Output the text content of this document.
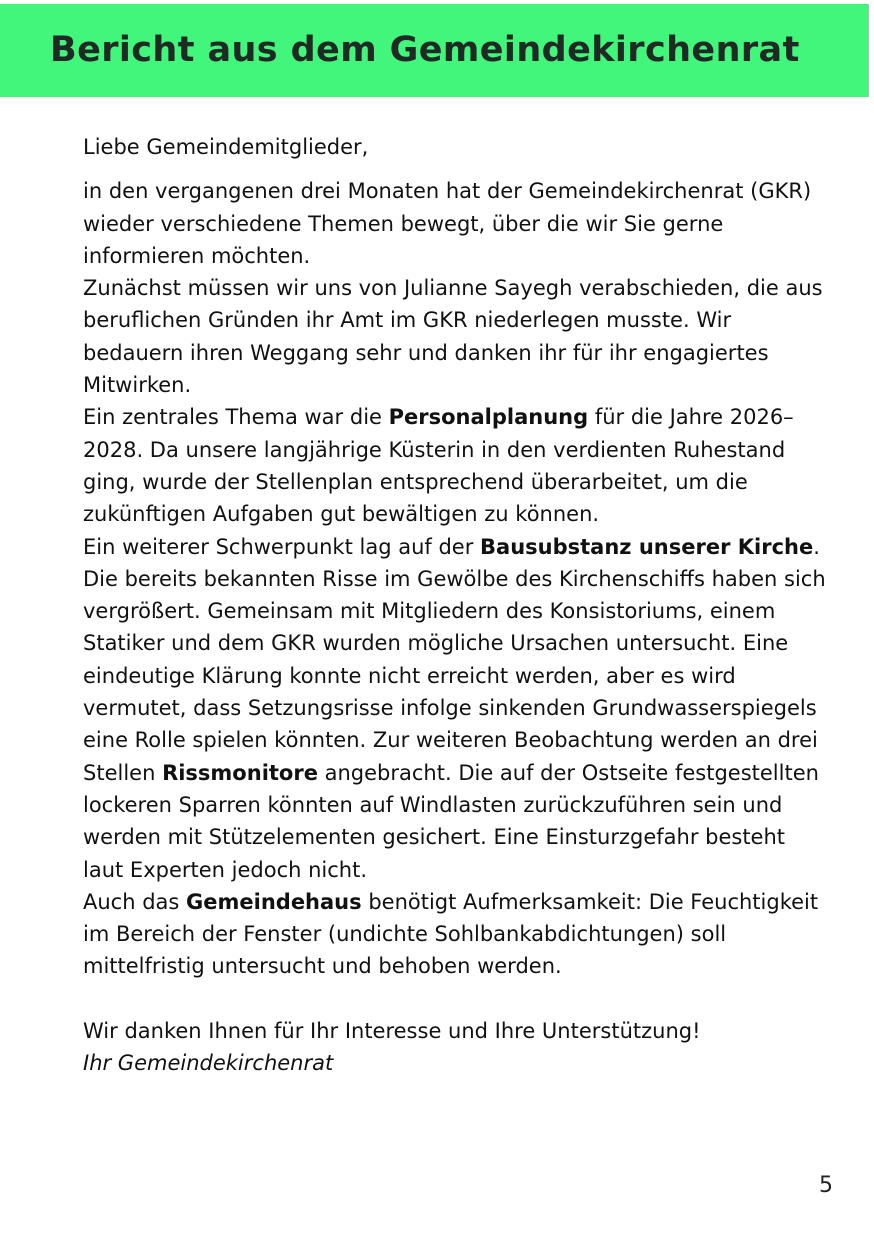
Bericht aus dem Gemeindekirchenrat

Liebe Gemeindemitglieder,

in den vergangenen drei Monaten hat der Gemeindekirchenrat (GKR) wieder verschiedene Themen bewegt, über die wir Sie gerne informieren möchten.

Zunächst müssen wir uns von Julianne Sayegh verabschieden, die aus beruflichen Gründen ihr Amt im GKR niederlegen musste. Wir bedauern ihren Weggang sehr und danken ihr für ihr engagiertes Mitwirken.

Ein zentrales Thema war die Personalplanung für die Jahre 2026–2028. Da unsere langjährige Küsterin in den verdienten Ruhestand ging, wurde der Stellenplan entsprechend überarbeitet, um die zukünftigen Aufgaben gut bewältigen zu können.

Ein weiterer Schwerpunkt lag auf der Bausubstanz unserer Kirche. Die bereits bekannten Risse im Gewölbe des Kirchenschiffs haben sich vergrößert. Gemeinsam mit Mitgliedern des Konsistoriums, einem Statiker und dem GKR wurden mögliche Ursachen untersucht. Eine eindeutige Klärung konnte nicht erreicht werden, aber es wird vermutet, dass Setzungsrisse infolge sinkenden Grundwasserspiegels eine Rolle spielen könnten. Zur weiteren Beobachtung werden an drei Stellen Rissmonitore angebracht. Die auf der Ostseite festgestellten lockeren Sparren könnten auf Windlasten zurückzuführen sein und werden mit Stützelementen gesichert. Eine Einsturzgefahr besteht laut Experten jedoch nicht.

Auch das Gemeindehaus benötigt Aufmerksamkeit: Die Feuchtigkeit im Bereich der Fenster (undichte Sohlbankabdichtungen) soll mittelfristig untersucht und behoben werden.

Wir danken Ihnen für Ihr Interesse und Ihre Unterstützung!

Ihr Gemeindekirchenrat

5
